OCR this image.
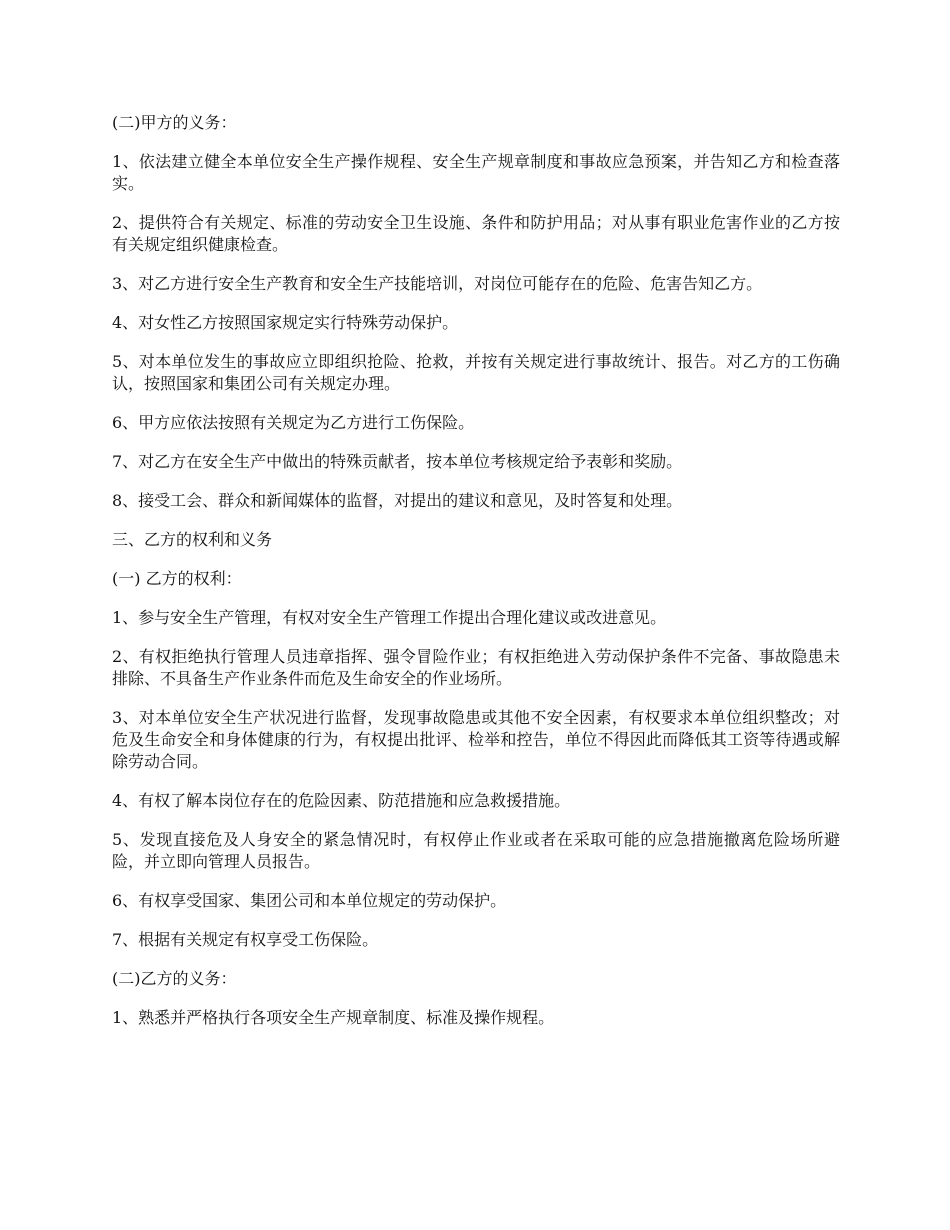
(二)甲方的义务：

1、依法建立健全本单位安全生产操作规程、安全生产规章制度和事故应急预案，并告知乙方和检查落实。

2、提供符合有关规定、标准的劳动安全卫生设施、条件和防护用品；对从事有职业危害作业的乙方按有关规定组织健康检查。

3、对乙方进行安全生产教育和安全生产技能培训，对岗位可能存在的危险、危害告知乙方。

4、对女性乙方按照国家规定实行特殊劳动保护。

5、对本单位发生的事故应立即组织抢险、抢救，并按有关规定进行事故统计、报告。对乙方的工伤确认，按照国家和集团公司有关规定办理。

6、甲方应依法按照有关规定为乙方进行工伤保险。

7、对乙方在安全生产中做出的特殊贡献者，按本单位考核规定给予表彰和奖励。

8、接受工会、群众和新闻媒体的监督，对提出的建议和意见，及时答复和处理。

三、乙方的权利和义务

(一) 乙方的权利：

1、参与安全生产管理，有权对安全生产管理工作提出合理化建议或改进意见。

2、有权拒绝执行管理人员违章指挥、强令冒险作业；有权拒绝进入劳动保护条件不完备、事故隐患未排除、不具备生产作业条件而危及生命安全的作业场所。

3、对本单位安全生产状况进行监督，发现事故隐患或其他不安全因素，有权要求本单位组织整改；对危及生命安全和身体健康的行为，有权提出批评、检举和控告，单位不得因此而降低其工资等待遇或解除劳动合同。

4、有权了解本岗位存在的危险因素、防范措施和应急救援措施。

5、发现直接危及人身安全的紧急情况时，有权停止作业或者在采取可能的应急措施撤离危险场所避险，并立即向管理人员报告。

6、有权享受国家、集团公司和本单位规定的劳动保护。

7、根据有关规定有权享受工伤保险。

(二)乙方的义务：

1、熟悉并严格执行各项安全生产规章制度、标准及操作规程。
